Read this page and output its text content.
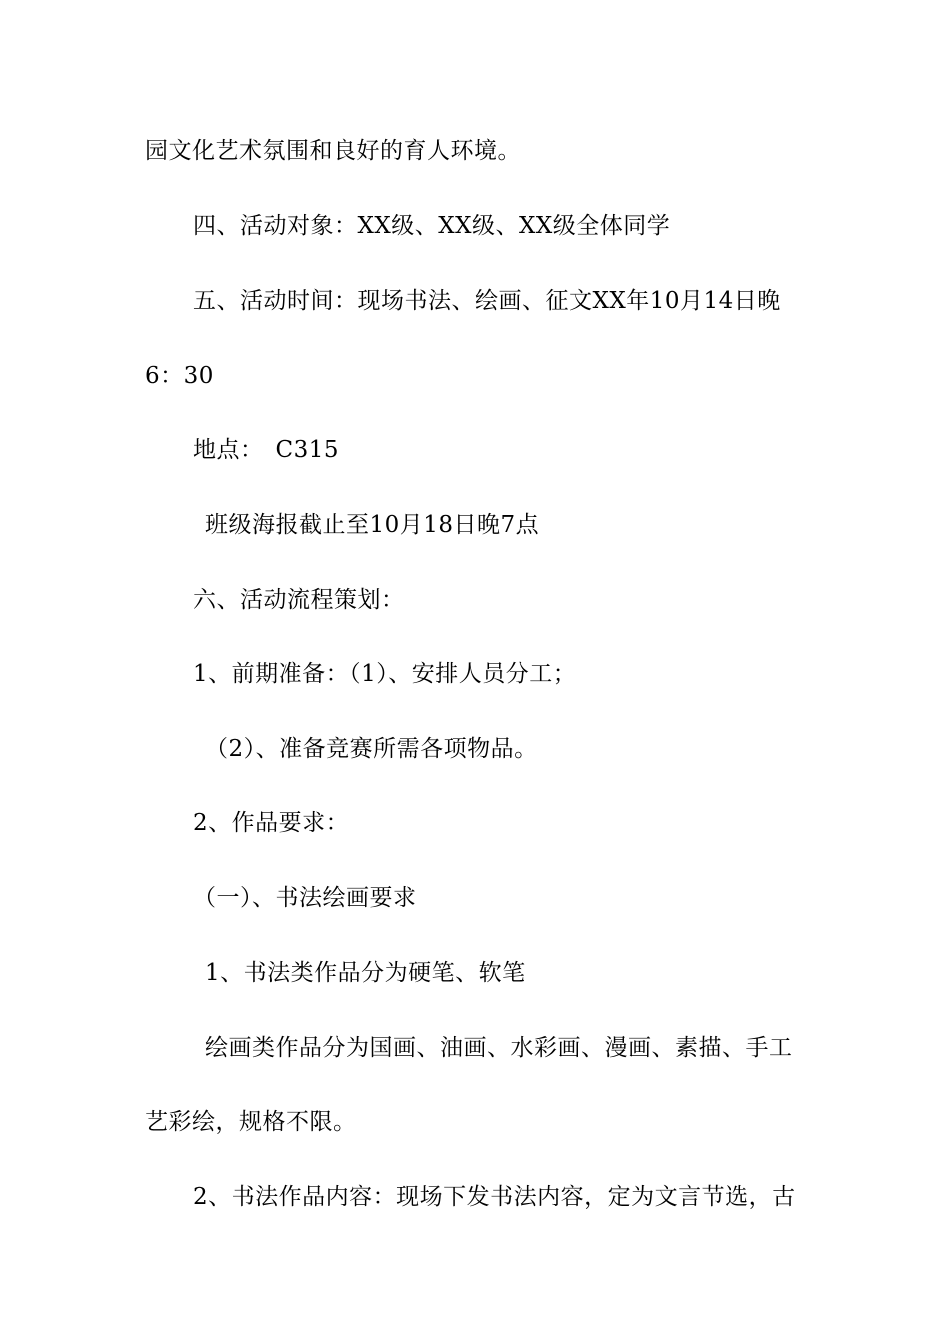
园文化艺术氛围和良好的育人环境。
四、活动对象：XX级、XX级、XX级全体同学
五、活动时间：现场书法、绘画、征文XX年10月14日晚
6：30
地点：　C315
班级海报截止至10月18日晚7点
六、活动流程策划：
1、前期准备：（1）、安排人员分工；
（2）、准备竞赛所需各项物品。
2、作品要求：
（一）、书法绘画要求
1、书法类作品分为硬笔、软笔
绘画类作品分为国画、油画、水彩画、漫画、素描、手工
艺彩绘，规格不限。
2、书法作品内容：现场下发书法内容，定为文言节选，古
